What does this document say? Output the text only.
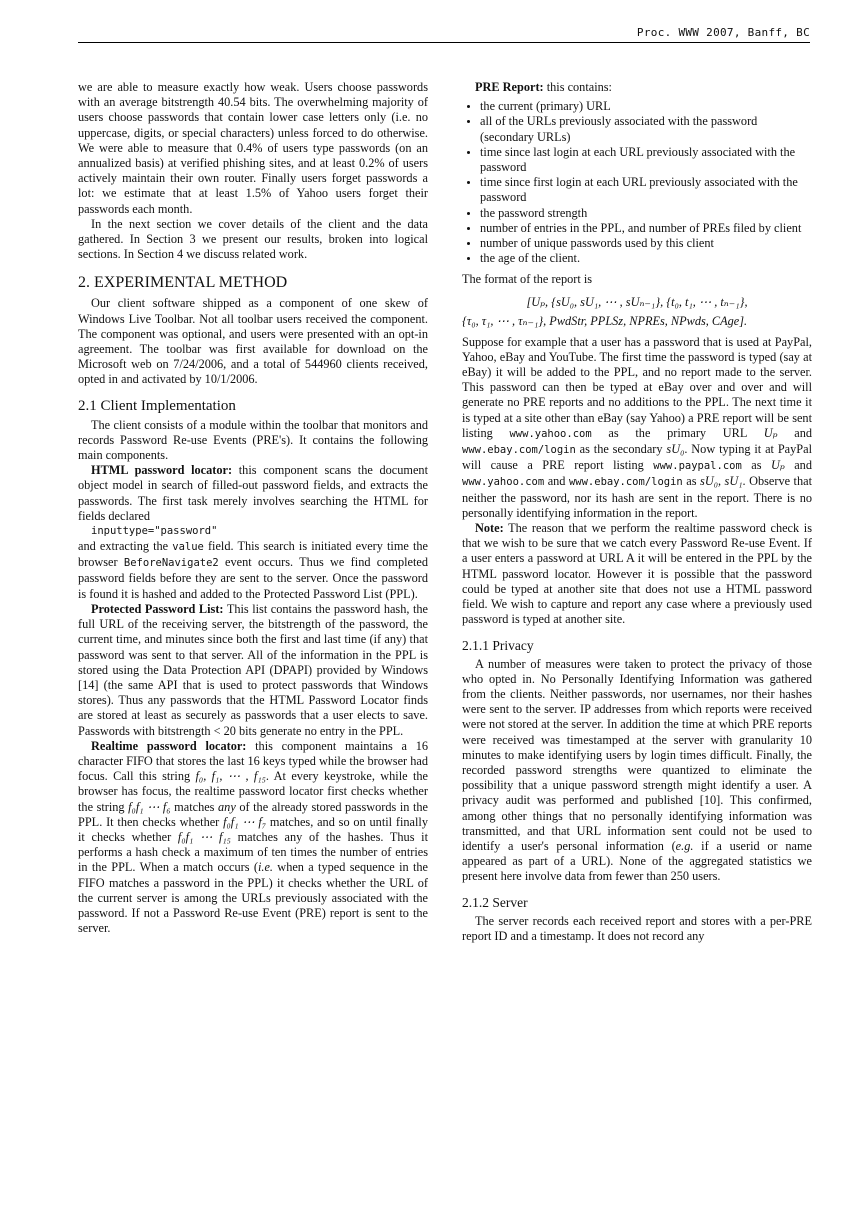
Proc. WWW 2007, Banff, BC

we are able to measure exactly how weak. Users choose passwords with an average bitstrength 40.54 bits. The overwhelming majority of users choose passwords that contain lower case letters only (i.e. no uppercase, digits, or special characters) unless forced to do otherwise. We were able to measure that 0.4% of users type passwords (on an annualized basis) at verified phishing sites, and at least 0.2% of users actively maintain their own router. Finally users forget passwords a lot: we estimate that at least 1.5% of Yahoo users forget their passwords each month.

In the next section we cover details of the client and the data gathered. In Section 3 we present our results, broken into logical sections. In Section 4 we discuss related work.

2. EXPERIMENTAL METHOD

Our client software shipped as a component of one skew of Windows Live Toolbar. Not all toolbar users received the component. The component was optional, and users were presented with an opt-in agreement. The toolbar was first available for download on the Microsoft web on 7/24/2006, and a total of 544960 clients received, opted in and activated by 10/1/2006.

2.1 Client Implementation

The client consists of a module within the toolbar that monitors and records Password Re-use Events (PRE's). It contains the following main components.

HTML password locator: this component scans the document object model in search of filled-out password fields, and extracts the passwords. The first task merely involves searching the HTML for fields declared

inputtype="password"

and extracting the value field. This search is initiated every time the browser BeforeNavigate2 event occurs. Thus we find completed password fields before they are sent to the server. Once the password is found it is hashed and added to the Protected Password List (PPL).

Protected Password List: This list contains the password hash, the full URL of the receiving server, the bitstrength of the password, the current time, and minutes since both the first and last time (if any) that password was sent to that server. All of the information in the PPL is stored using the Data Protection API (DPAPI) provided by Windows [14] (the same API that is used to protect passwords that Windows stores). Thus any passwords that the HTML Password Locator finds are stored at least as securely as passwords that a user elects to save. Passwords with bitstrength < 20 bits generate no entry in the PPL.

Realtime password locator: this component maintains a 16 character FIFO that stores the last 16 keys typed while the browser had focus. Call this string f₀, f₁, ⋯ , f₁₅. At every keystroke, while the browser has focus, the realtime password locator first checks whether the string f₀f₁ ⋯ f₆ matches any of the already stored passwords in the PPL. It then checks whether f₀f₁ ⋯ f₇ matches, and so on until finally it checks whether f₀f₁ ⋯ f₁₅ matches any of the hashes. Thus it performs a hash check a maximum of ten times the number of entries in the PPL. When a match occurs (i.e. when a typed sequence in the FIFO matches a password in the PPL) it checks whether the URL of the current server is among the URLs previously associated with the password. If not a Password Re-use Event (PRE) report is sent to the server.

PRE Report: this contains:

• the current (primary) URL
• all of the URLs previously associated with the password (secondary URLs)
• time since last login at each URL previously associated with the password
• time since first login at each URL previously associated with the password
• the password strength
• number of entries in the PPL, and number of PREs filed by client
• number of unique passwords used by this client
• the age of the client.

The format of the report is

[Uₚ, {sU₀, sU₁, ⋯ , sUₙ₋₁}, {t₀, t₁, ⋯ , tₙ₋₁},
{τ₀, τ₁, ⋯ , τₙ₋₁}, PwdStr, PPLSz, NPREs, NPwds, CAge].

Suppose for example that a user has a password that is used at PayPal, Yahoo, eBay and YouTube. The first time the password is typed (say at eBay) it will be added to the PPL, and no report made to the server. This password can then be typed at eBay over and over and will generate no PRE reports and no additions to the PPL. The next time it is typed at a site other than eBay (say Yahoo) a PRE report will be sent listing www.yahoo.com as the primary URL Uₚ and www.ebay.com/login as the secondary sU₀. Now typing it at PayPal will cause a PRE report listing www.paypal.com as Uₚ and www.yahoo.com and www.ebay.com/login as sU₀, sU₁. Observe that neither the password, nor its hash are sent in the report. There is no personally identifying information in the report.

Note: The reason that we perform the realtime password check is that we wish to be sure that we catch every Password Re-use Event. If a user enters a password at URL A it will be entered in the PPL by the HTML password locator. However it is possible that the password could be typed at another site that does not use a HTML password field. We wish to capture and report any case where a previously used password is typed at another site.

2.1.1 Privacy

A number of measures were taken to protect the privacy of those who opted in. No Personally Identifying Information was gathered from the clients. Neither passwords, nor usernames, nor their hashes were sent to the server. IP addresses from which reports were received were not stored at the server. In addition the time at which PRE reports were received was timestamped at the server with granularity 10 minutes to make identifying users by login times difficult. Finally, the recorded password strengths were quantized to eliminate the possibility that a unique password strength might identify a user. A privacy audit was performed and published [10]. This confirmed, among other things that no personally identifying information was transmitted, and that URL information sent could not be used to identify a user's personal information (e.g. if a userid or name appeared as part of a URL). None of the aggregated statistics we present here involve data from fewer than 250 users.

2.1.2 Server

The server records each received report and stores with a per-PRE report ID and a timestamp. It does not record any
